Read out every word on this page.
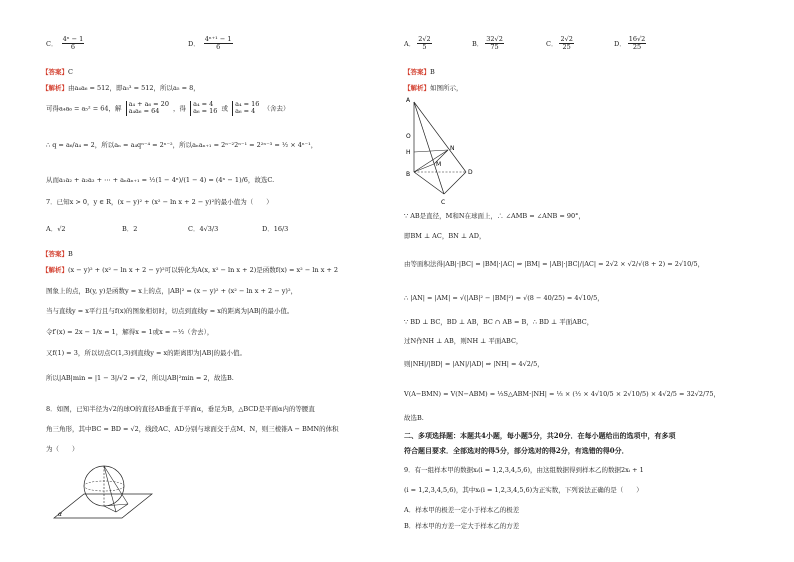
C． $\frac{\text{4ⁿ − 1}}{6}$	D． $\frac{\text{4ⁿ⁺¹ − 1}}{6}$
【答案】C
【解析】由a₄a₆ = 512，即a₅³ = 512，所以a₅ = 8，
可得a₄a₆ = a₅² = 64，解
a₄ + a₆ = 20
a₄a₆ = 64	，得
a₄ = 4
a₆ = 16 或
a₄ = 16
a₆ = 4	（舍去）
∴ q = a₆/a₄ = 2，所以aₙ = a₄qⁿ⁻⁴ = 2ⁿ⁻²，所以aₙaₙ₊₁ = 2ⁿ⁻²2ⁿ⁻¹ = 2²ⁿ⁻³ = ½ × 4ⁿ⁻¹，
从而a₁a₂ + a₂a₃ + ⋯ + aₙaₙ₊₁ = ½(1 − 4ⁿ)/(1 − 4) = (4ⁿ − 1)/6，故选C.
7．已知x > 0，y ∈ R，(x − y)² + (x² − ln x + 2 − y)²的最小值为（　　）
A．√2	B．2	C．4√3/3	D．16/3
【答案】B
【解析】(x − y)² + (x² − ln x + 2 − y)²可以转化为A(x, x² − ln x + 2)是函数f(x) = x² − ln x + 2
图象上的点，B(y, y)是函数y = x上的点，|AB|² = (x − y)² + (x² − ln x + 2 − y)²，
当与直线y = x平行且与f(x)的图象相切时，切点到直线y = x的距离为|AB|的最小值。
令f′(x) = 2x − 1/x = 1，解得x = 1或x = −½（舍去），
又f(1) = 3，所以切点C(1,3)到直线y = x的距离即为|AB|的最小值。
所以|AB|min = |1 − 3|/√2 = √2，所以|AB|²min = 2，故选B.
8．如图，已知半径为√2的球O的直径AB垂直于平面α，垂足为B，△BCD是平面α内的等腰直
角三角形，其中BC = BD = √2，线段AC、AD分别与球面交于点M、N，则三棱锥A − BMN的体积
为（　　）
α
A． $\frac{2√2}{5}$	B． $\frac{32√2}{75}$	C． $\frac{2√2}{25}$	D． $\frac{16√2}{25}$
【答案】B
【解析】如图所示，
∵ AB是直径，M和N在球面上，∴ ∠AMB = ∠ANB = 90°，
即BM ⊥ AC，BN ⊥ AD，
由等面积法得|AB|·|BC| = |BM|·|AC| ⇒ |BM| = |AB|·|BC|/|AC| = 2√2 × √2/√(8 + 2) = 2√10/5，
∴ |AN| = |AM| = √(|AB|² − |BM|²) = √(8 − 40/25) = 4√10/5，
∵ BD ⊥ BC，BD ⊥ AB，BC ∩ AB = B，∴ BD ⊥ 平面ABC，
过N作NH ⊥ AB，则NH ⊥ 平面ABC，
则|NH|/|BD| = |AN|/|AD| ⇒ |NH| = 4√2/5，
V(A−BMN) = V(N−ABM) = ⅓S△ABM·|NH| = ⅓ × (½ × 4√10/5 × 2√10/5) × 4√2/5 = 32√2/75，
故选B.
二、多项选择题：本题共4小题，每小题5分，共20分．在每小题给出的选项中，有多项
符合题目要求．全部选对的得5分，部分选对的得2分，有选错的得0分．
9．有一组样本甲的数据xᵢ(i = 1,2,3,4,5,6)，由这组数据得到样本乙的数据2xᵢ + 1
(i = 1,2,3,4,5,6)，其中xᵢ(i = 1,2,3,4,5,6)为正实数，下列说法正确的是（　　）
A．样本甲的极差一定小于样本乙的极差
B．样本甲的方差一定大于样本乙的方差
A
O
H
N
M
B	D
C
